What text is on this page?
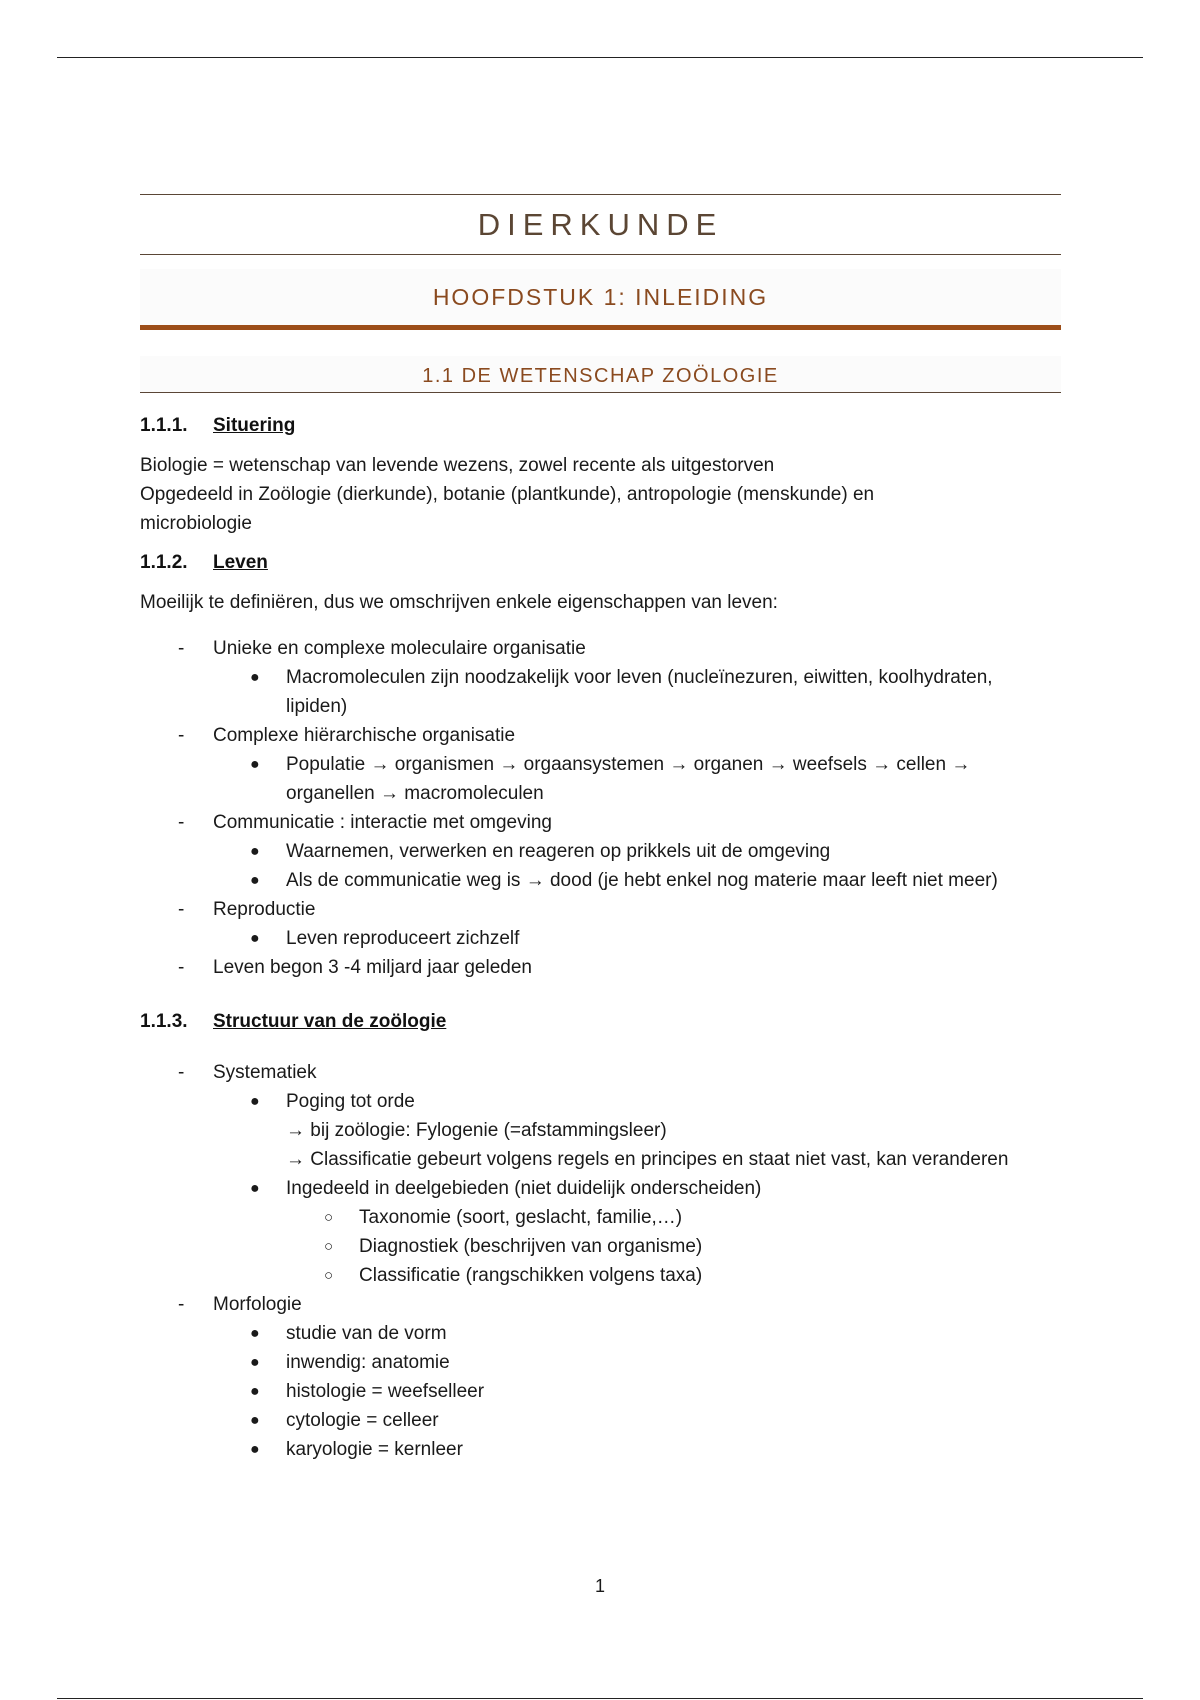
DIERKUNDE
HOOFDSTUK 1: INLEIDING
1.1 DE WETENSCHAP ZOÖLOGIE
1.1.1.	Situering
Biologie = wetenschap van levende wezens, zowel recente als uitgestorven
Opgedeeld in Zoölogie (dierkunde), botanie (plantkunde), antropologie (menskunde) en
microbiologie
1.1.2.	Leven
Moeilijk te definiëren, dus we omschrijven enkele eigenschappen van leven:
- Unieke en complexe moleculaire organisatie
● Macromoleculen zijn noodzakelijk voor leven (nucleïnezuren, eiwitten, koolhydraten,
lipiden)
- Complexe hiërarchische organisatie
● Populatie → organismen → orgaansystemen → organen → weefsels → cellen →
organellen → macromoleculen
- Communicatie : interactie met omgeving
● Waarnemen, verwerken en reageren op prikkels uit de omgeving
● Als de communicatie weg is → dood (je hebt enkel nog materie maar leeft niet meer)
- Reproductie
● Leven reproduceert zichzelf
- Leven begon 3 -4 miljard jaar geleden
1.1.3.	Structuur van de zoölogie
- Systematiek
● Poging tot orde
→ bij zoölogie: Fylogenie (=afstammingsleer)
→ Classificatie gebeurt volgens regels en principes en staat niet vast, kan veranderen
● Ingedeeld in deelgebieden (niet duidelijk onderscheiden)
○ Taxonomie (soort, geslacht, familie,…)
○ Diagnostiek (beschrijven van organisme)
○ Classificatie (rangschikken volgens taxa)
- Morfologie
● studie van de vorm
● inwendig: anatomie
● histologie = weefselleer
● cytologie = celleer
● karyologie = kernleer
1
